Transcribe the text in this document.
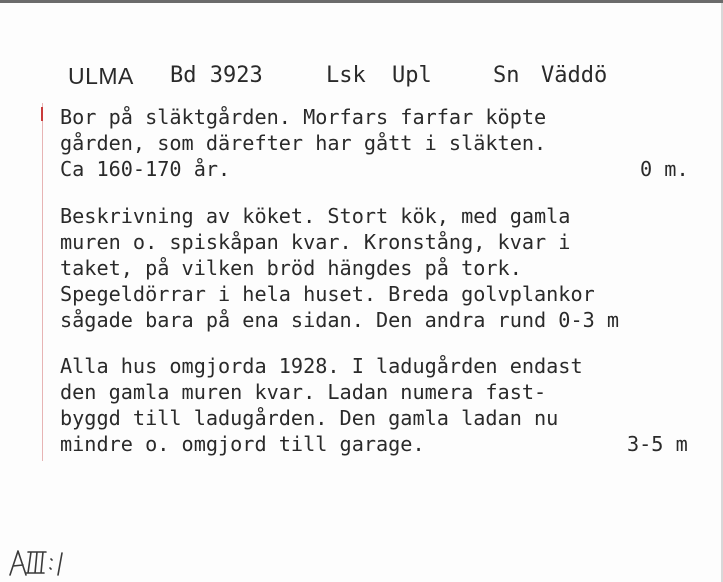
ULMA Bd 3923	Lsk Upl	Sn Väddö
Bor på släktgården. Morfars farfar köpte
gården, som därefter har gått i släkten.
Ca 160-170 år.	0 m.
Beskrivning av köket. Stort kök, med gamla
muren o. spiskåpan kvar. Kronstång, kvar i
taket, på vilken bröd hängdes på tork.
Spegeldörrar i hela huset. Breda golvplankor
sågade bara på ena sidan. Den andra rund 0-3 m
Alla hus omgjorda 1928. I ladugården endast
den gamla muren kvar. Ladan numera fast-
byggd till ladugården. Den gamla ladan nu
mindre o. omgjord till garage.	3-5 m
